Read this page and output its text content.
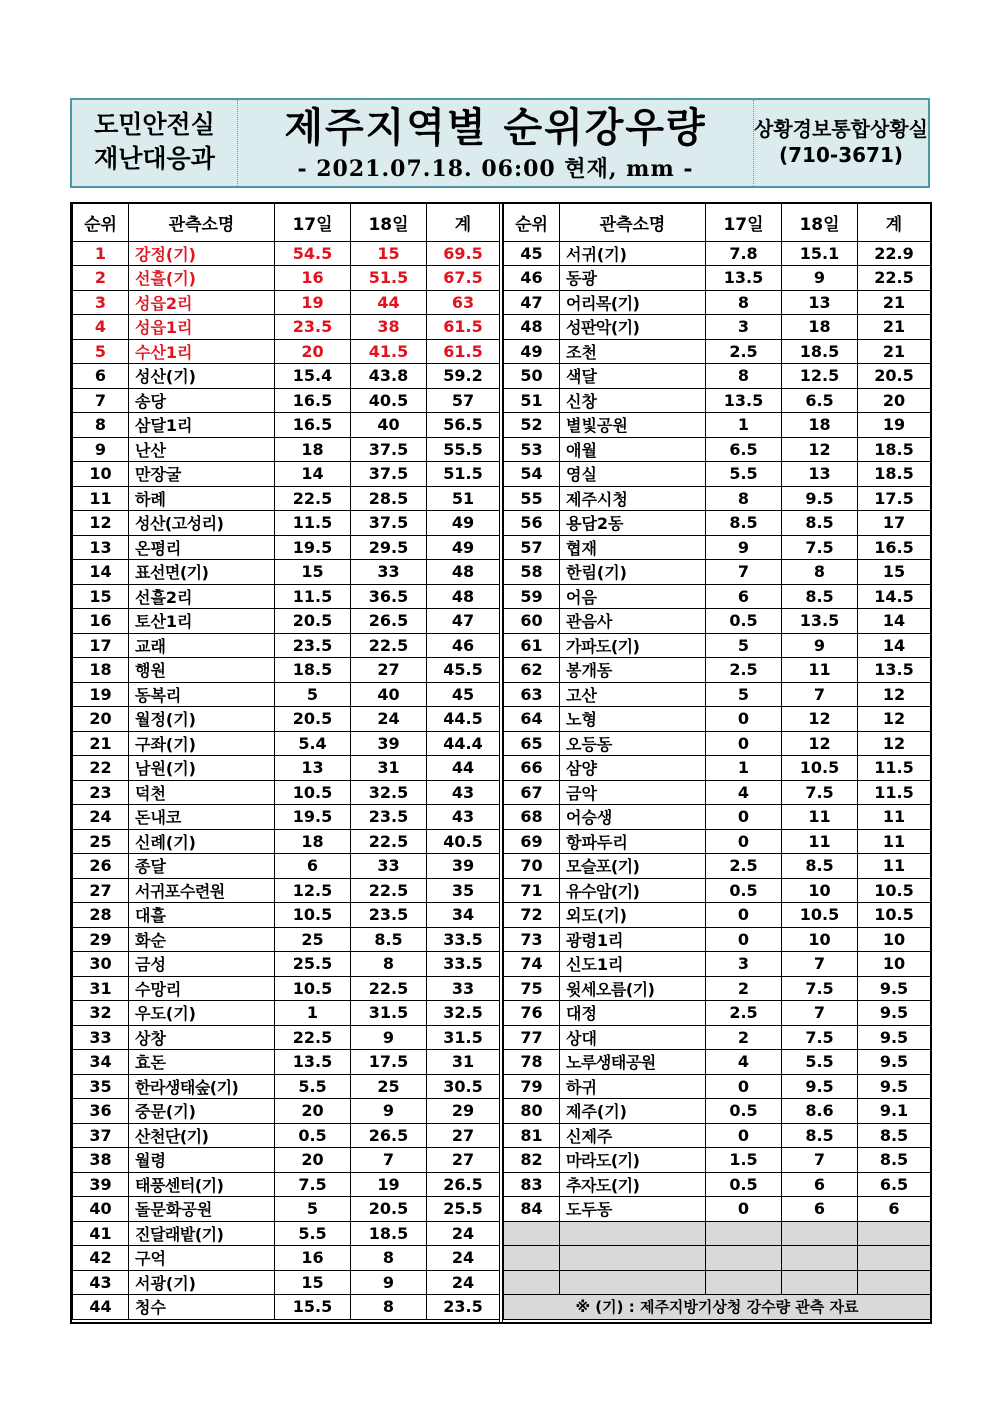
도민안전실
재난대응과
제주지역별 순위강우량
- 2021.07.18. 06:00 현재, mm -
상황경보통합상황실
(710-3671)
순위	관측소명	17일	18일	계
1	강정(기)	54.5	15	69.5
2	선흘(기)	16	51.5	67.5
3	성읍2리	19	44	63
4	성읍1리	23.5	38	61.5
5	수산1리	20	41.5	61.5
6	성산(기)	15.4	43.8	59.2
7	송당	16.5	40.5	57
8	삼달1리	16.5	40	56.5
9	난산	18	37.5	55.5
10	만장굴	14	37.5	51.5
11	하례	22.5	28.5	51
12	성산(고성리)	11.5	37.5	49
13	온평리	19.5	29.5	49
14	표선면(기)	15	33	48
15	선흘2리	11.5	36.5	48
16	토산1리	20.5	26.5	47
17	교래	23.5	22.5	46
18	행원	18.5	27	45.5
19	동복리	5	40	45
20	월정(기)	20.5	24	44.5
21	구좌(기)	5.4	39	44.4
22	남원(기)	13	31	44
23	덕천	10.5	32.5	43
24	돈내코	19.5	23.5	43
25	신례(기)	18	22.5	40.5
26	종달	6	33	39
27	서귀포수련원	12.5	22.5	35
28	대흘	10.5	23.5	34
29	화순	25	8.5	33.5
30	금성	25.5	8	33.5
31	수망리	10.5	22.5	33
32	우도(기)	1	31.5	32.5
33	상창	22.5	9	31.5
34	효돈	13.5	17.5	31
35	한라생태숲(기)	5.5	25	30.5
36	중문(기)	20	9	29
37	산천단(기)	0.5	26.5	27
38	월령	20	7	27
39	태풍센터(기)	7.5	19	26.5
40	돌문화공원	5	20.5	25.5
41	진달래밭(기)	5.5	18.5	24
42	구억	16	8	24
43	서광(기)	15	9	24
44	청수	15.5	8	23.5
순위	관측소명	17일	18일	계
45	서귀(기)	7.8	15.1	22.9
46	동광	13.5	9	22.5
47	어리목(기)	8	13	21
48	성판악(기)	3	18	21
49	조천	2.5	18.5	21
50	색달	8	12.5	20.5
51	신창	13.5	6.5	20
52	별빛공원	1	18	19
53	애월	6.5	12	18.5
54	영실	5.5	13	18.5
55	제주시청	8	9.5	17.5
56	용담2동	8.5	8.5	17
57	협재	9	7.5	16.5
58	한림(기)	7	8	15
59	어음	6	8.5	14.5
60	관음사	0.5	13.5	14
61	가파도(기)	5	9	14
62	봉개동	2.5	11	13.5
63	고산	5	7	12
64	노형	0	12	12
65	오등동	0	12	12
66	삼양	1	10.5	11.5
67	금악	4	7.5	11.5
68	어승생	0	11	11
69	항파두리	0	11	11
70	모슬포(기)	2.5	8.5	11
71	유수암(기)	0.5	10	10.5
72	외도(기)	0	10.5	10.5
73	광령1리	0	10	10
74	신도1리	3	7	10
75	윗세오름(기)	2	7.5	9.5
76	대정	2.5	7	9.5
77	상대	2	7.5	9.5
78	노루생태공원	4	5.5	9.5
79	하귀	0	9.5	9.5
80	제주(기)	0.5	8.6	9.1
81	신제주	0	8.5	8.5
82	마라도(기)	1.5	7	8.5
83	추자도(기)	0.5	6	6.5
84	도두동	0	6	6

※ (기) : 제주지방기상청 강수량 관측 자료				
